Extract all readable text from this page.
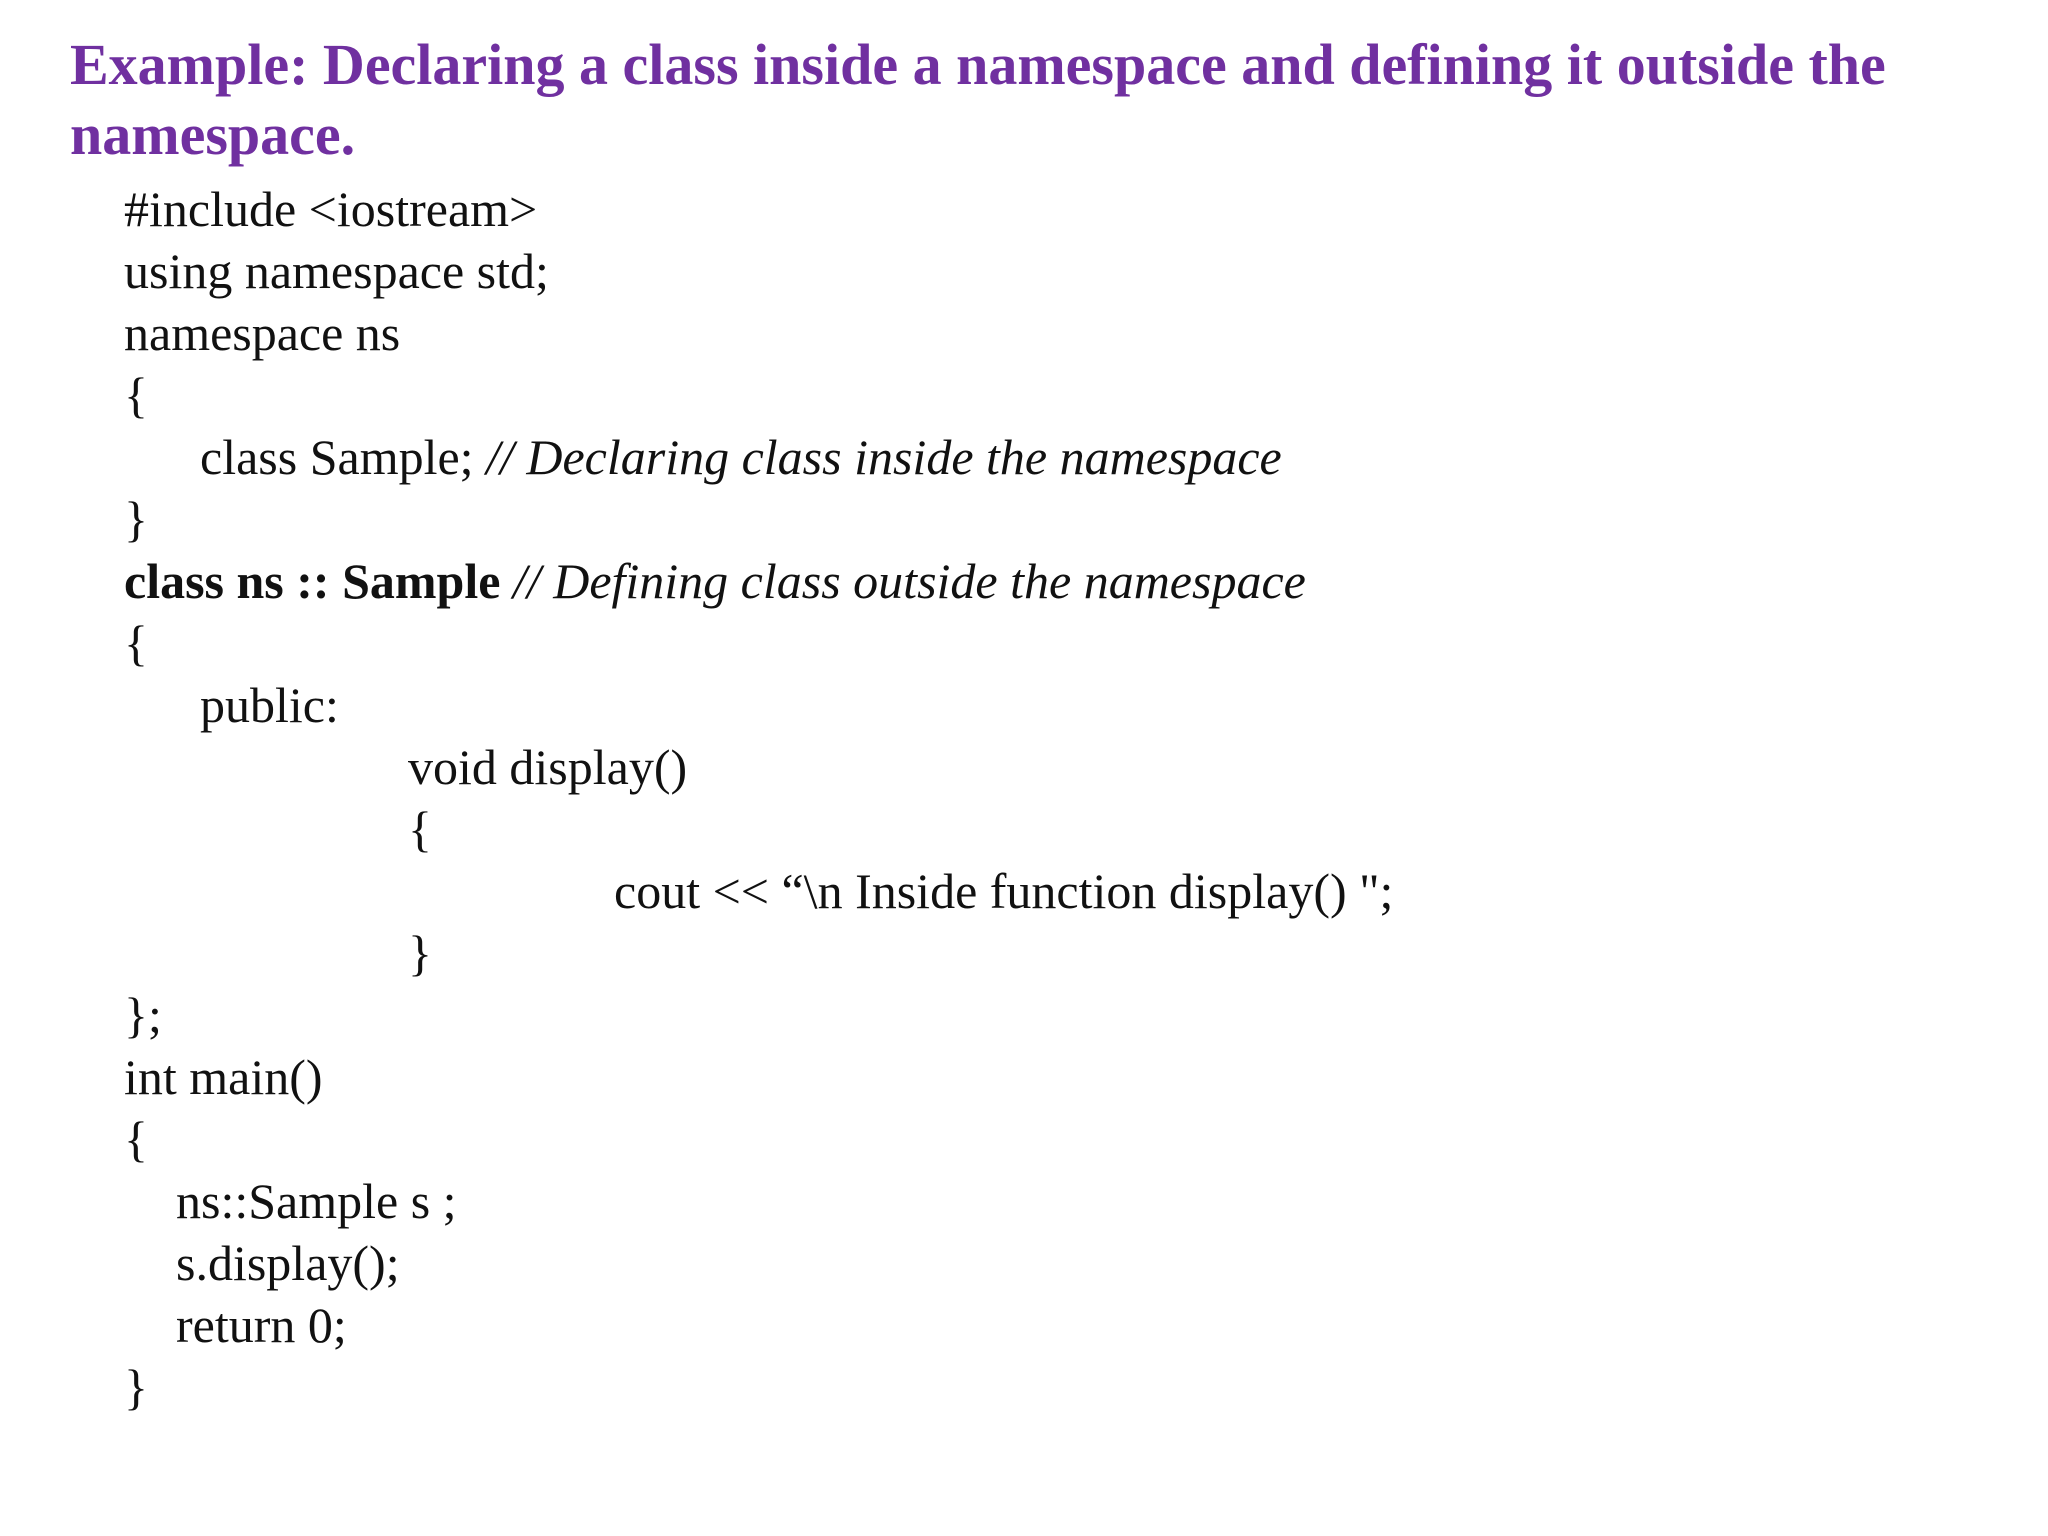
Example: Declaring a class inside a namespace and defining it outside the namespace.
#include <iostream>
using namespace std;
namespace ns
{
class Sample; // Declaring class inside the namespace
}
class ns :: Sample // Defining class outside the namespace
{
public:
void display()
{
cout << “\n Inside function display() ";
}
};
int main()
{
ns::Sample s ;
s.display();
return 0;
}
